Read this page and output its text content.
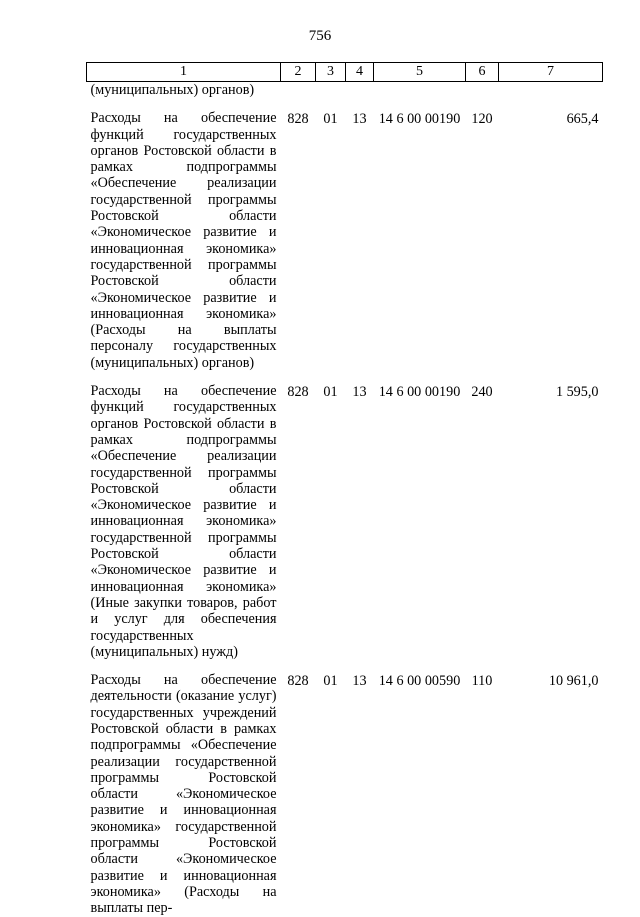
756
1	2	3	4	5	6	7
(муниципальных) органов)						

Расходы на обеспечение функций государственных органов Ростовской области в рамках подпрограммы «Обеспечение реализации государственной программы Ростовской области «Экономическое развитие и инновационная экономика» государственной программы Ростовской области «Экономическое развитие и инновационная экономика» (Расходы на выплаты персоналу государственных (муниципальных) органов)	828	01	13	14 6 00 00190	120	665,4

Расходы на обеспечение функций государственных органов Ростовской области в рамках подпрограммы «Обеспечение реализации государственной программы Ростовской области «Экономическое развитие и инновационная экономика» государственной программы Ростовской области «Экономическое развитие и инновационная экономика» (Иные закупки товаров, работ и услуг для обеспечения государственных (муниципальных) нужд)	828	01	13	14 6 00 00190	240	1 595,0

Расходы на обеспечение деятельности (оказание услуг) государственных учреждений Ростовской области в рамках подпрограммы «Обеспечение реализации государственной программы Ростовской области «Экономическое развитие и инновационная экономика» государственной программы Ростовской области «Экономическое развитие и инновационная экономика» (Расходы на выплаты пер-	828	01	13	14 6 00 00590	110	10 961,0
